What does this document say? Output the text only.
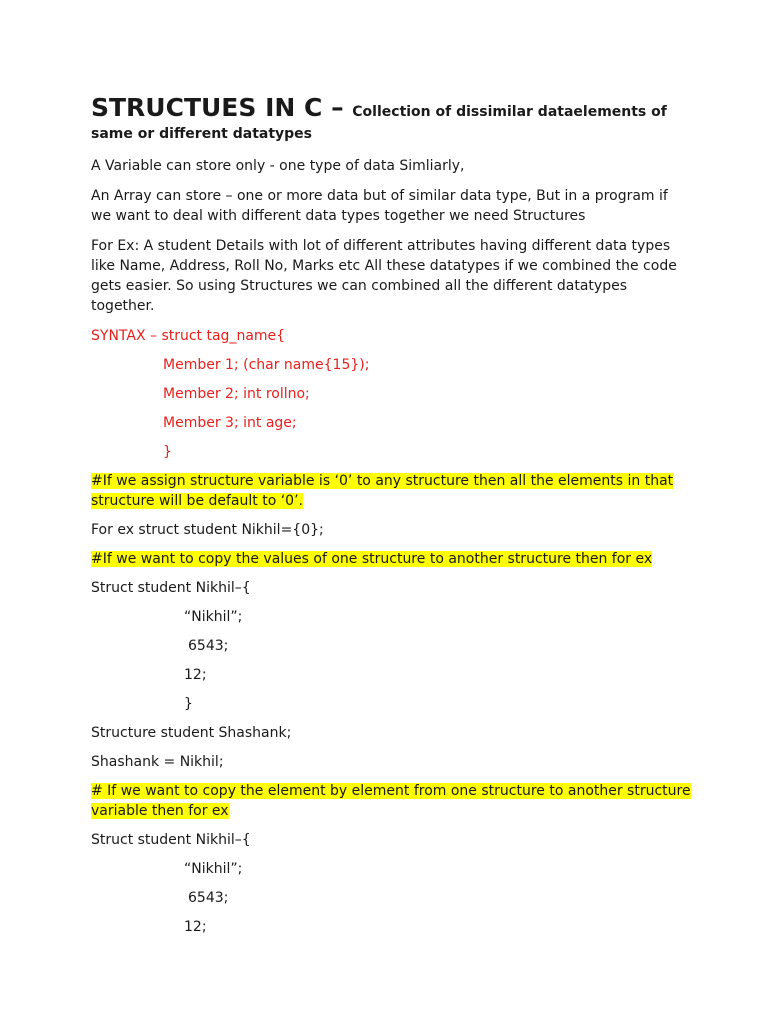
STRUCTUES IN C – Collection of dissimilar dataelements of same or different datatypes

A Variable can store only - one type of data Simliarly,

An Array can store – one or more data but of similar data type, But in a program if we want to deal with different data types together we need Structures

For Ex: A student Details with lot of different attributes having different data types like Name, Address, Roll No, Marks etc All these datatypes if we combined the code gets easier. So using Structures we can combined all the different datatypes together.

SYNTAX – struct tag_name{

Member 1; (char name{15});

Member 2; int rollno;

Member 3; int age;

}

#If we assign structure variable is ‘0’ to any structure then all the elements in that structure will be default to ‘0’.

For ex struct student Nikhil={0};

#If we want to copy the values of one structure to another structure then for ex

Struct student Nikhil–{

“Nikhil”;

6543;

12;

}

Structure student Shashank;

Shashank = Nikhil;

# If we want to copy the element by element from one structure to another structure variable then for ex

Struct student Nikhil–{

“Nikhil”;

6543;

12;
